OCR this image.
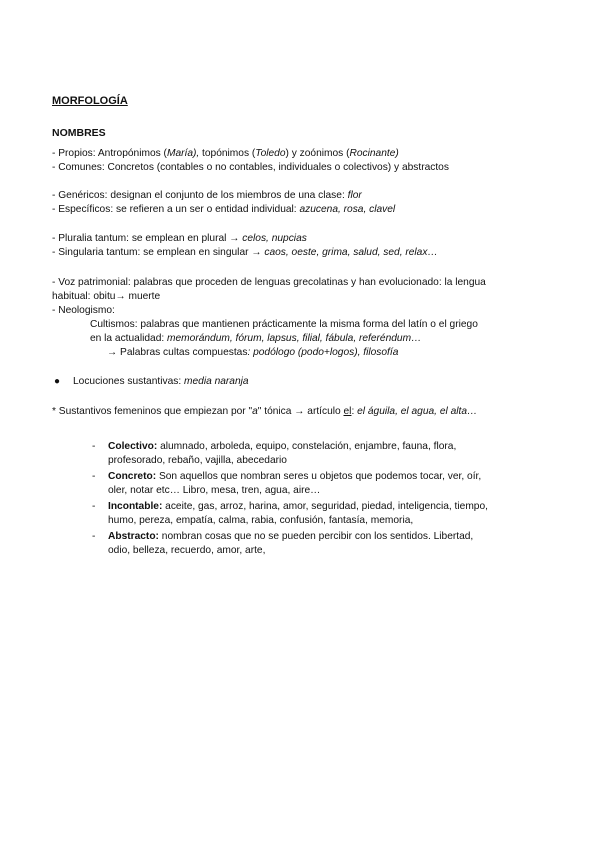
MORFOLOGÍA
NOMBRES
- Propios: Antropónimos (María), topónimos (Toledo) y zoónimos (Rocinante)
- Comunes: Concretos (contables o no contables, individuales o colectivos) y abstractos
- Genéricos: designan el conjunto de los miembros de una clase: flor
- Específicos: se refieren a un ser o entidad individual: azucena, rosa, clavel
- Pluralia tantum: se emplean en plural → celos, nupcias
- Singularia tantum: se emplean en singular → caos, oeste, grima, salud, sed, relax…
- Voz patrimonial: palabras que proceden de lenguas grecolatinas y han evolucionado: la lengua
habitual: obitu→ muerte
- Neologismo:
Cultismos: palabras que mantienen prácticamente la misma forma del latín o el griego
en la actualidad: memorándum, fórum, lapsus, filial, fábula, referéndum…
→ Palabras cultas compuestas: podólogo (podo+logos), filosofía
● Locuciones sustantivas: media naranja
* Sustantivos femeninos que empiezan por "a" tónica → artículo el: el águila, el agua, el alta…
- Colectivo: alumnado, arboleda, equipo, constelación, enjambre, fauna, flora,
profesorado, rebaño, vajilla, abecedario
- Concreto: Son aquellos que nombran seres u objetos que podemos tocar, ver, oír,
oler, notar etc… Libro, mesa, tren, agua, aire…
- Incontable: aceite, gas, arroz, harina, amor, seguridad, piedad, inteligencia, tiempo,
humo, pereza, empatía, calma, rabia, confusión, fantasía, memoria,
- Abstracto: nombran cosas que no se pueden percibir con los sentidos. Libertad,
odio, belleza, recuerdo, amor, arte,
